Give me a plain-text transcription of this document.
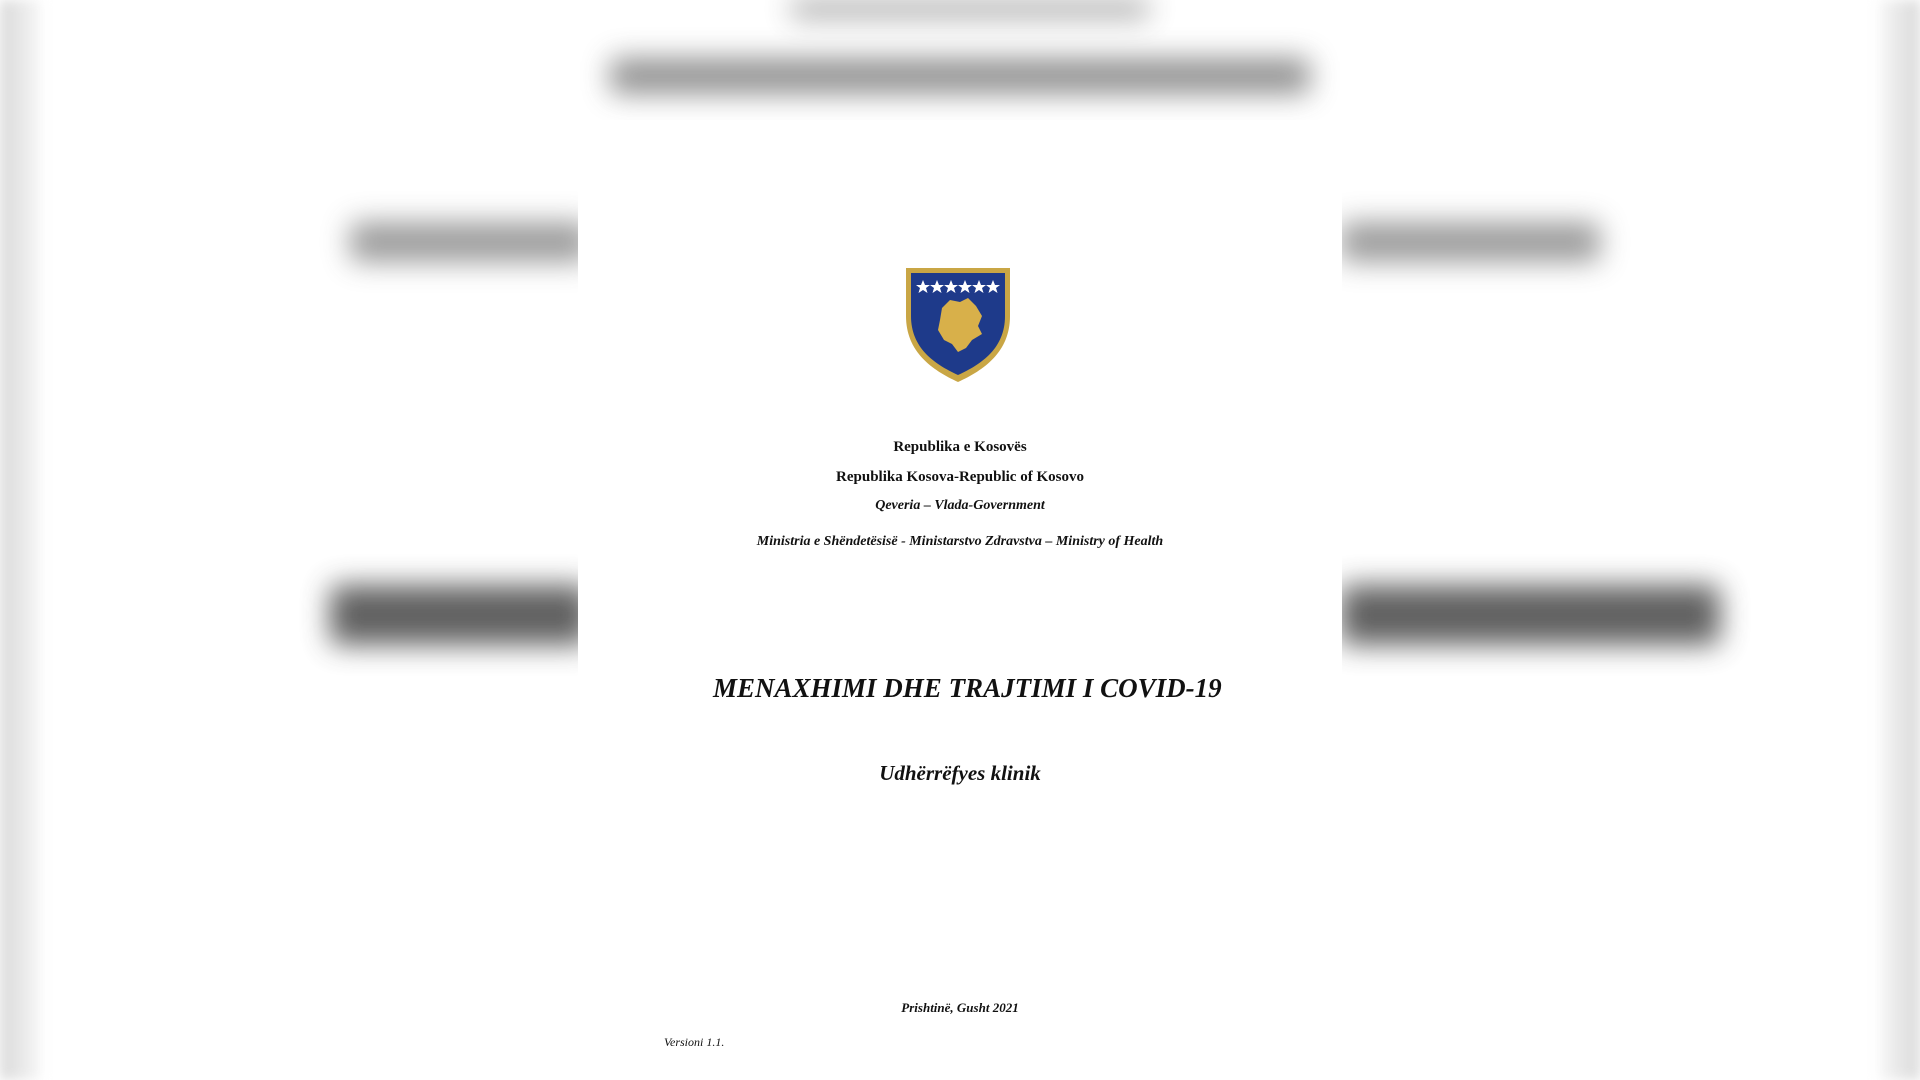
Republika e Kosovës
Republika Kosova-Republic of Kosovo
Qeveria – Vlada-Government
Ministria e Shëndetësisë - Ministarstvo Zdravstva – Ministry of Health
MENAXHIMI DHE TRAJTIMI I COVID-19
Udhërrëfyes klinik
Prishtinë, Gusht 2021
Versioni 1.1.
